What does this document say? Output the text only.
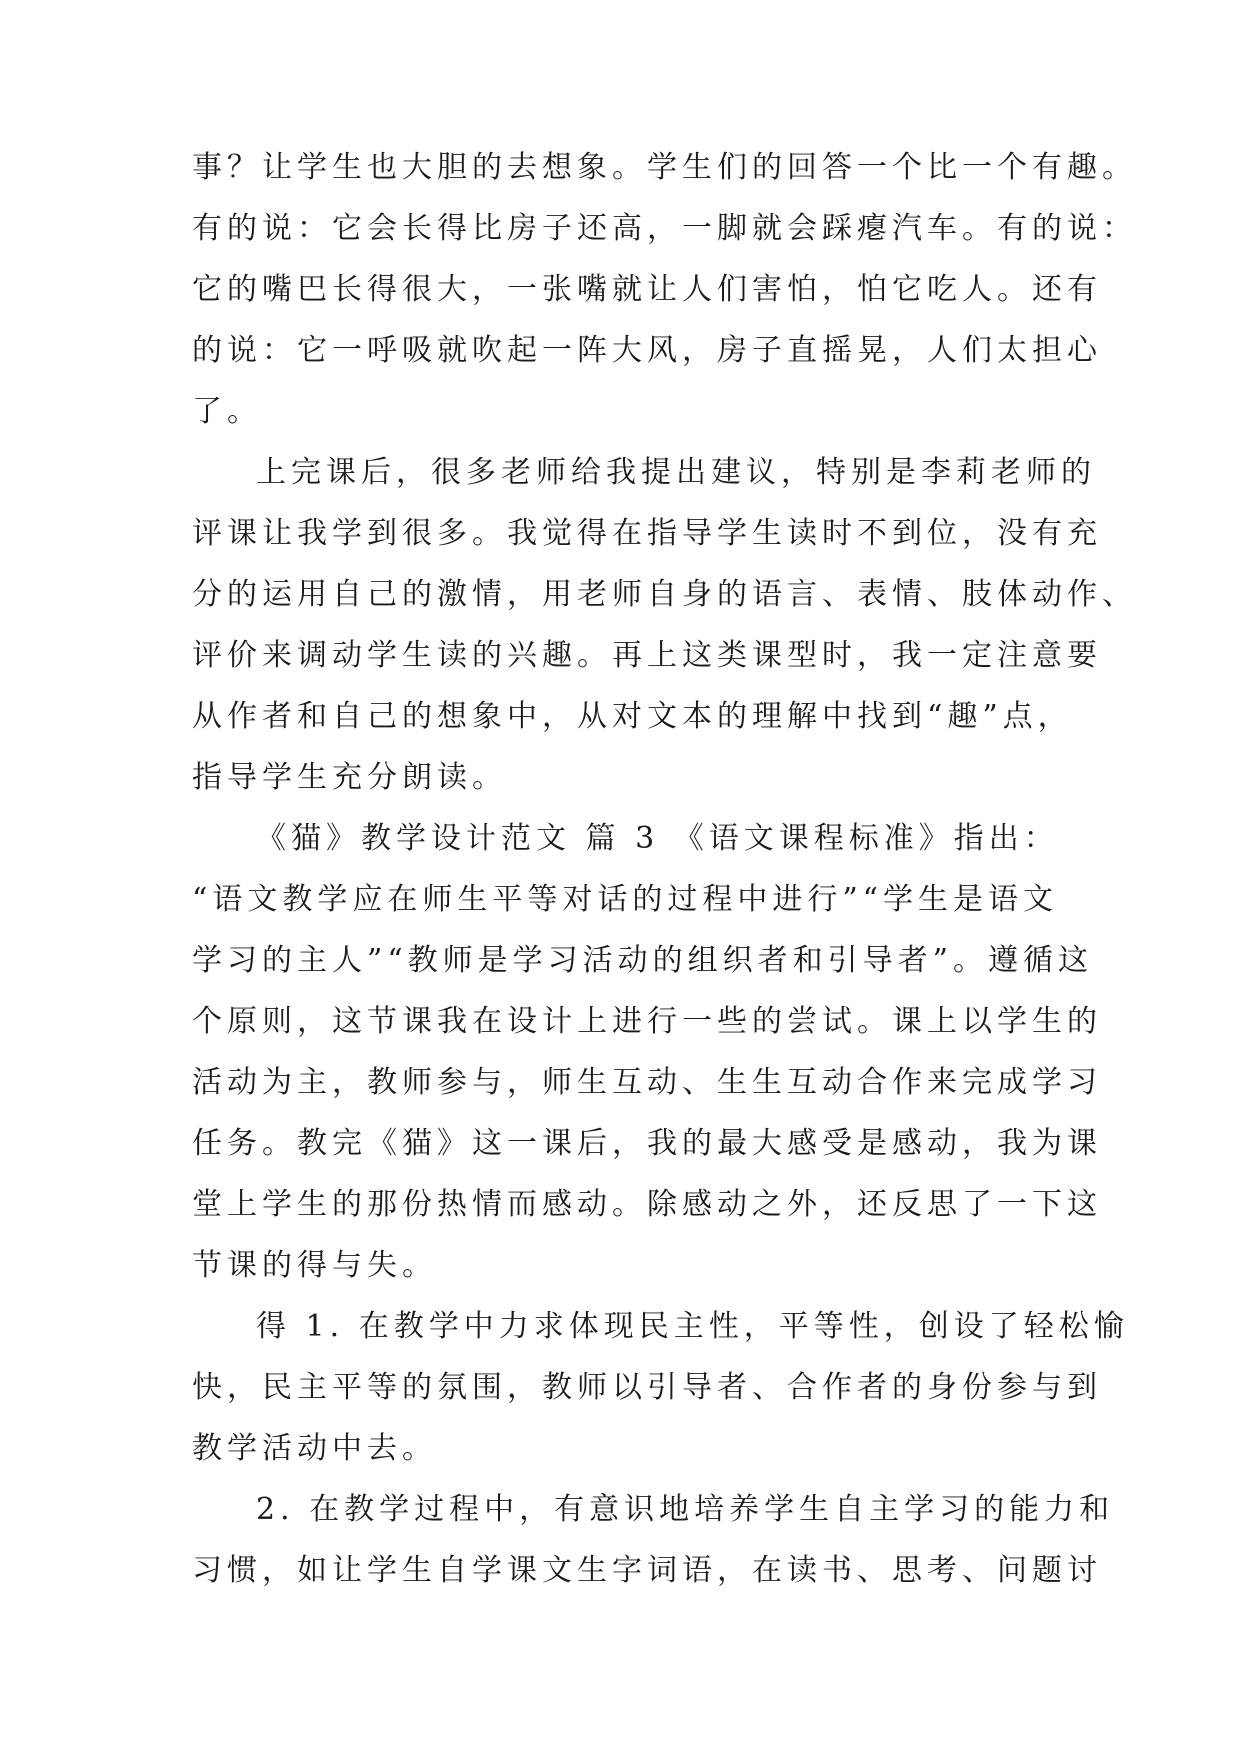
事？让学生也大胆的去想象。学生们的回答一个比一个有趣。
有的说：它会长得比房子还高，一脚就会踩瘪汽车。有的说：
它的嘴巴长得很大，一张嘴就让人们害怕，怕它吃人。还有
的说：它一呼吸就吹起一阵大风，房子直摇晃，人们太担心
了。
上完课后，很多老师给我提出建议，特别是李莉老师的
评课让我学到很多。我觉得在指导学生读时不到位，没有充
分的运用自己的激情，用老师自身的语言、表情、肢体动作、
评价来调动学生读的兴趣。再上这类课型时，我一定注意要
从作者和自己的想象中，从对文本的理解中找到“趣”点，
指导学生充分朗读。
《猫》教学设计范文 篇 3 《语文课程标准》指出：
“语文教学应在师生平等对话的过程中进行”“学生是语文
学习的主人”“教师是学习活动的组织者和引导者”。遵循这
个原则，这节课我在设计上进行一些的尝试。课上以学生的
活动为主，教师参与，师生互动、生生互动合作来完成学习
任务。教完《猫》这一课后，我的最大感受是感动，我为课
堂上学生的那份热情而感动。除感动之外，还反思了一下这
节课的得与失。
得 1. 在教学中力求体现民主性，平等性，创设了轻松愉
快，民主平等的氛围，教师以引导者、合作者的身份参与到
教学活动中去。
2. 在教学过程中，有意识地培养学生自主学习的能力和
习惯，如让学生自学课文生字词语，在读书、思考、问题讨
